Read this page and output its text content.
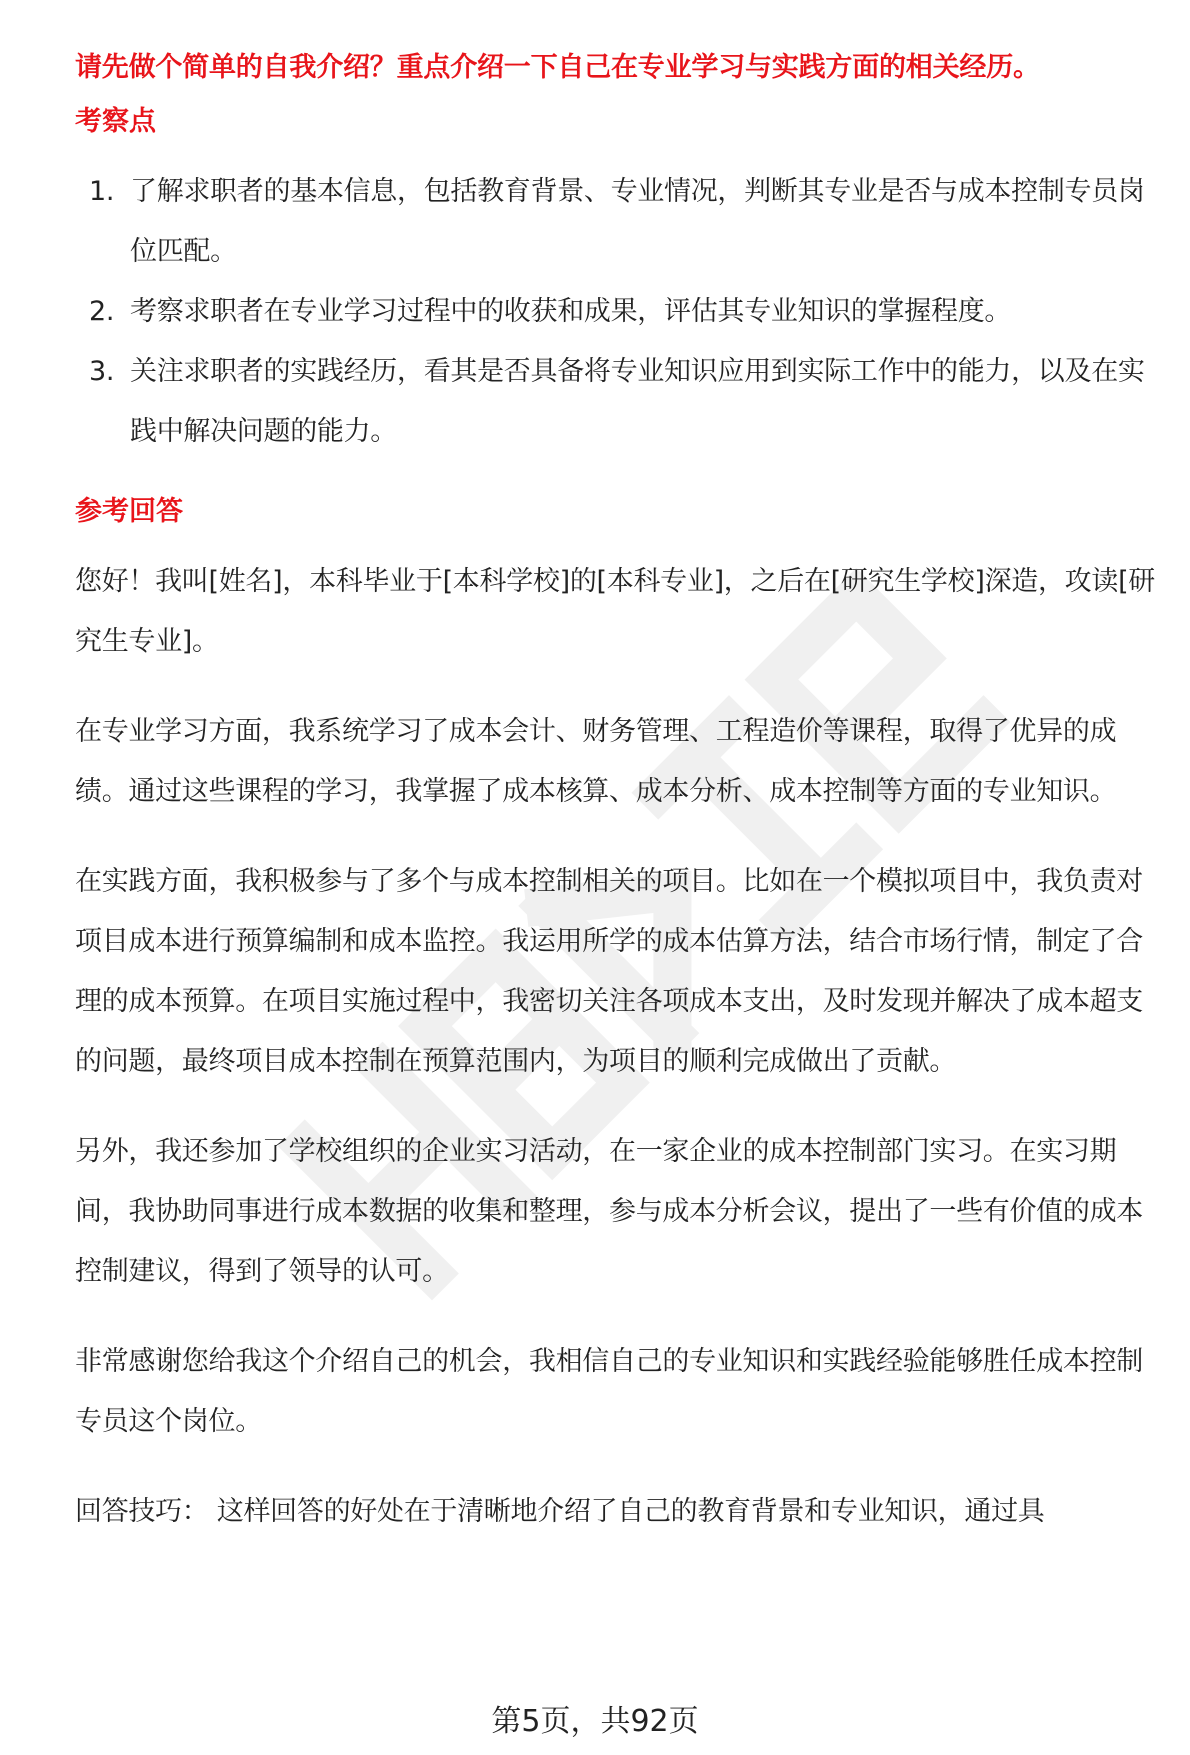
请先做个简单的自我介绍？重点介绍一下自己在专业学习与实践方面的相关经历。
考察点
1. 了解求职者的基本信息，包括教育背景、专业情况，判断其专业是否与成本控制专员岗位匹配。
2. 考察求职者在专业学习过程中的收获和成果，评估其专业知识的掌握程度。
3. 关注求职者的实践经历，看其是否具备将专业知识应用到实际工作中的能力，以及在实践中解决问题的能力。
参考回答

您好！我叫[姓名]，本科毕业于[本科学校]的[本科专业]，之后在[研究生学校]深造，攻读[研究生专业]。

在专业学习方面，我系统学习了成本会计、财务管理、工程造价等课程，取得了优异的成绩。通过这些课程的学习，我掌握了成本核算、成本分析、成本控制等方面的专业知识。

在实践方面，我积极参与了多个与成本控制相关的项目。比如在一个模拟项目中，我负责对项目成本进行预算编制和成本监控。我运用所学的成本估算方法，结合市场行情，制定了合理的成本预算。在项目实施过程中，我密切关注各项成本支出，及时发现并解决了成本超支的问题，最终项目成本控制在预算范围内，为项目的顺利完成做出了贡献。

另外，我还参加了学校组织的企业实习活动，在一家企业的成本控制部门实习。在实习期间，我协助同事进行成本数据的收集和整理，参与成本分析会议，提出了一些有价值的成本控制建议，得到了领导的认可。

非常感谢您给我这个介绍自己的机会，我相信自己的专业知识和实践经验能够胜任成本控制专员这个岗位。

回答技巧： 这样回答的好处在于清晰地介绍了自己的教育背景和专业知识，通过具
第5页，共92页
